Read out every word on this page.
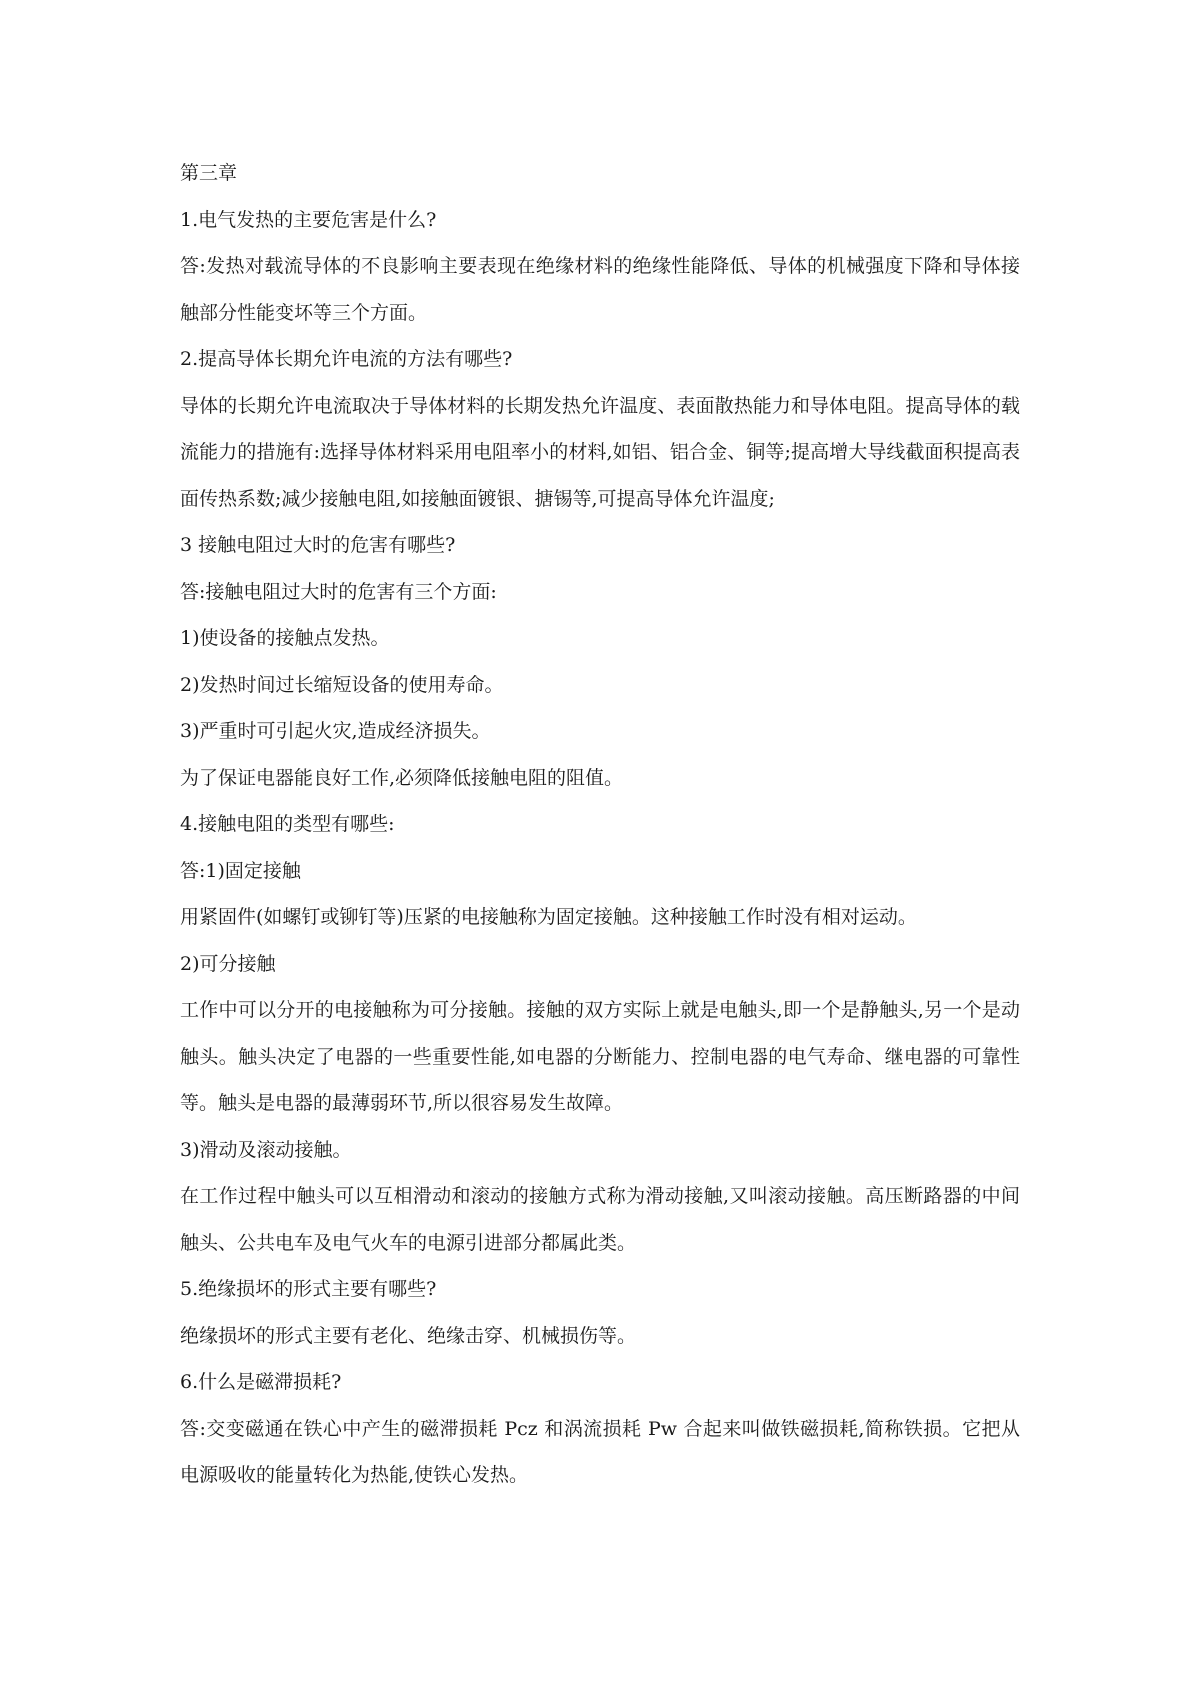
第三章

1.电气发热的主要危害是什么?

答:发热对载流导体的不良影响主要表现在绝缘材料的绝缘性能降低、导体的机械强度下降和导体接触部分性能变坏等三个方面。

2.提高导体长期允许电流的方法有哪些?

导体的长期允许电流取决于导体材料的长期发热允许温度、表面散热能力和导体电阻。提高导体的载流能力的措施有:选择导体材料采用电阻率小的材料,如铝、铝合金、铜等;提高增大导线截面积提高表面传热系数;减少接触电阻,如接触面镀银、搪锡等,可提高导体允许温度;

3 接触电阻过大时的危害有哪些?

答:接触电阻过大时的危害有三个方面:

1)使设备的接触点发热。

2)发热时间过长缩短设备的使用寿命。

3)严重时可引起火灾,造成经济损失。

为了保证电器能良好工作,必须降低接触电阻的阻值。

4.接触电阻的类型有哪些:

答:1)固定接触

用紧固件(如螺钉或铆钉等)压紧的电接触称为固定接触。这种接触工作时没有相对运动。

2)可分接触

工作中可以分开的电接触称为可分接触。接触的双方实际上就是电触头,即一个是静触头,另一个是动触头。触头决定了电器的一些重要性能,如电器的分断能力、控制电器的电气寿命、继电器的可靠性等。触头是电器的最薄弱环节,所以很容易发生故障。

3)滑动及滚动接触。

在工作过程中触头可以互相滑动和滚动的接触方式称为滑动接触,又叫滚动接触。高压断路器的中间触头、公共电车及电气火车的电源引进部分都属此类。

5.绝缘损坏的形式主要有哪些?

绝缘损坏的形式主要有老化、绝缘击穿、机械损伤等。

6.什么是磁滞损耗?

答:交变磁通在铁心中产生的磁滞损耗 Pcz 和涡流损耗 Pw 合起来叫做铁磁损耗,简称铁损。它把从电源吸收的能量转化为热能,使铁心发热。
